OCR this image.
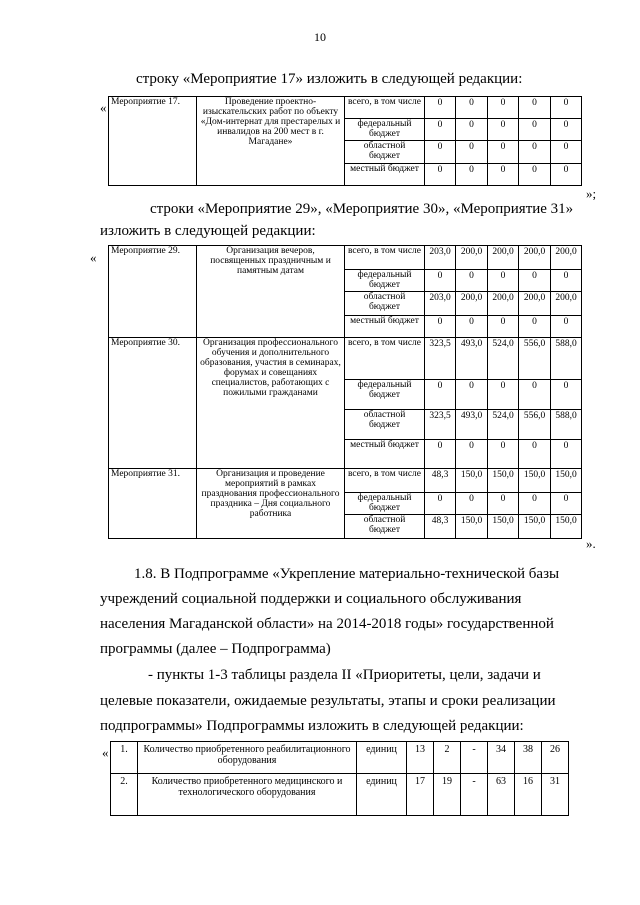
10
строку «Мероприятие 17» изложить в следующей редакции:
« Мероприятие 17.	Проведение проектно-изыскательских работ по объекту «Дом-интернат для престарелых и инвалидов на 200 мест в г. Магадане»	всего, в том числе	0	0	0	0	0
		федеральный бюджет	0	0	0	0	0
		областной бюджет	0	0	0	0	0
		местный бюджет	0	0	0	0	0
»;
строки «Мероприятие 29», «Мероприятие 30», «Мероприятие 31»
изложить в следующей редакции:
« Мероприятие 29.	Организация вечеров, посвященных праздничным и памятным датам	всего, в том числе	203,0	200,0	200,0	200,0	200,0
		федеральный бюджет	0	0	0	0	0
		областной бюджет	203,0	200,0	200,0	200,0	200,0
		местный бюджет	0	0	0	0	0
Мероприятие 30.	Организация профессионального обучения и дополнительного образования, участия в семинарах, форумах и совещаниях специалистов, работающих с пожилыми гражданами	всего, в том числе	323,5	493,0	524,0	556,0	588,0
		федеральный бюджет	0	0	0	0	0
		областной бюджет	323,5	493,0	524,0	556,0	588,0
		местный бюджет	0	0	0	0	0
Мероприятие 31.	Организация и проведение мероприятий в рамках празднования профессионального праздника – Дня социального работника	всего, в том числе	48,3	150,0	150,0	150,0	150,0
		федеральный бюджет	0	0	0	0	0
		областной бюджет	48,3	150,0	150,0	150,0	150,0
».
1.8. В Подпрограмме «Укрепление материально-технической базы
учреждений социальной поддержки и социального обслуживания
населения Магаданской области» на 2014-2018 годы» государственной
программы (далее – Подпрограмма)
- пункты 1-3 таблицы раздела II «Приоритеты, цели, задачи и
целевые показатели, ожидаемые результаты, этапы и сроки реализации
подпрограммы» Подпрограммы изложить в следующей редакции:
« 1.	Количество приобретенного реабилитационного оборудования	единиц	13	2	-	34	38	26
2.	Количество приобретенного медицинского и технологического оборудования	единиц	17	19	-	63	16	31
